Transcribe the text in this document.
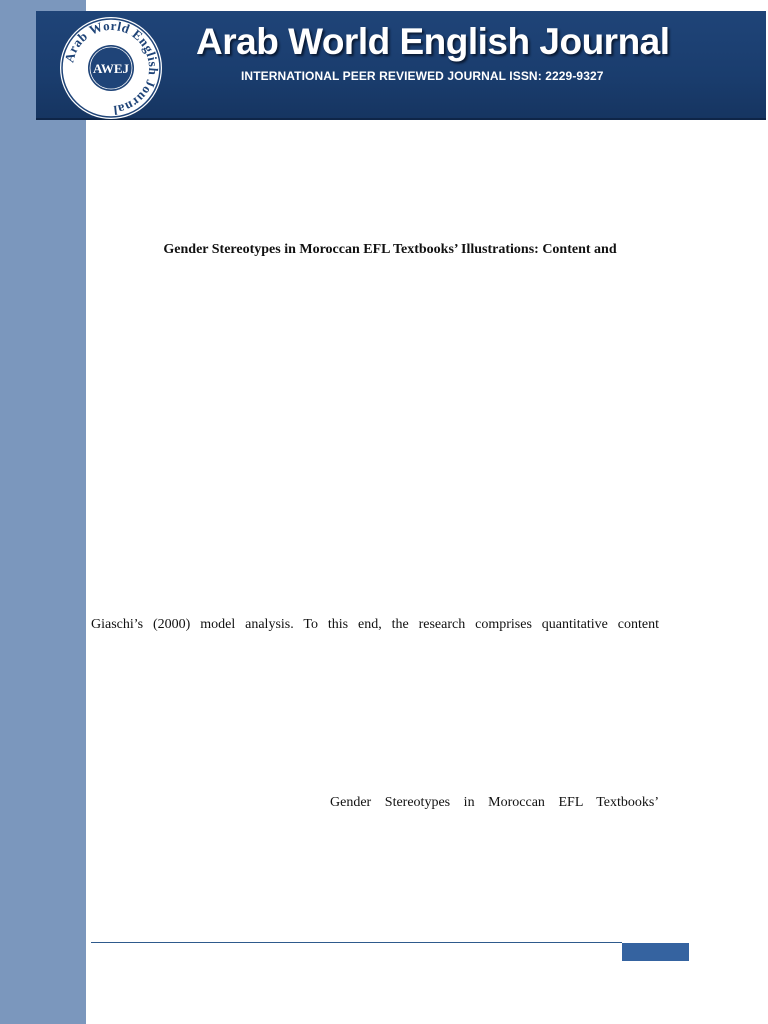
Arab World English Journal
AWEJ
Arab World English Journal
INTERNATIONAL PEER REVIEWED JOURNAL ISSN: 2229-9327
Gender Stereotypes in Moroccan EFL Textbooks’ Illustrations: Content and
Giaschi’s (2000) model analysis. To this end, the research comprises quantitative content
Gender Stereotypes in Moroccan EFL Textbooks’
